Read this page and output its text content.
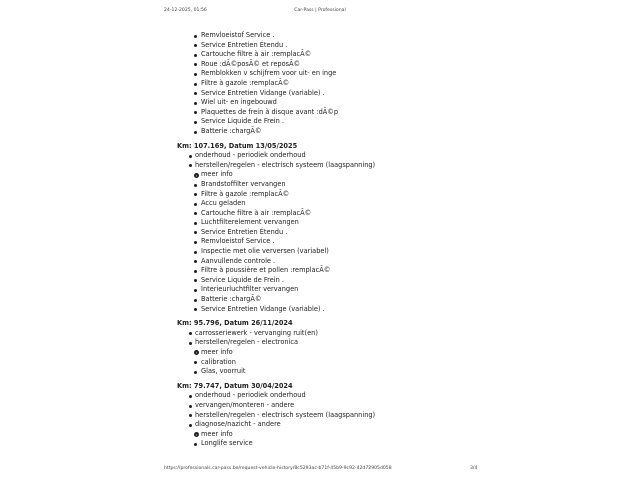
24-12-2025, 01:56	Car-Pass | Professional
Remvloeistof Service .
Service Entretien Étendu .
Cartouche filtre à air :remplacÃ©
Roue :dÃ©posÃ© et reposÃ©
Remblokken v schijfrem voor uit- en inge
Filtre à gazole :remplacÃ©
Service Entretien Vidange (variable) .
Wiel uit- en ingebouwd
Plaquettes de frein à disque avant :dÃ©p
Service Liquide de Frein .
Batterie :chargÃ©
Km: 107.169, Datum 13/05/2025
onderhoud - periodiek onderhoud
herstellen/regelen - electrisch systeem (laagspanning)
› meer info
Brandstoffilter vervangen
Filtre à gazole :remplacÃ©
Accu geladen
Cartouche filtre à air :remplacÃ©
Luchtfilterelement vervangen
Service Entretien Étendu .
Remvloeistof Service .
Inspectie met olie verversen (variabel)
Aanvullende controle .
Filtre à poussière et pollen :remplacÃ©
Service Liquide de Frein .
Interieurluchtfilter vervangen
Batterie :chargÃ©
Service Entretien Vidange (variable) .
Km: 95.796, Datum 26/11/2024
carrosseriewerk - vervanging ruit(en)
herstellen/regelen - electronica
› meer info
calibration
Glas, voorruit
Km: 79.747, Datum 30/04/2024
onderhoud - periodiek onderhoud
vervangen/monteren - andere
herstellen/regelen - electrisch systeem (laagspanning)
diagnose/nazicht - andere
› meer info
Longlife service
https://professionals.car-pass.be/request-vehicle-history/8c5293ac-b71f-45b9-9c92-42d72905d058	3/4
